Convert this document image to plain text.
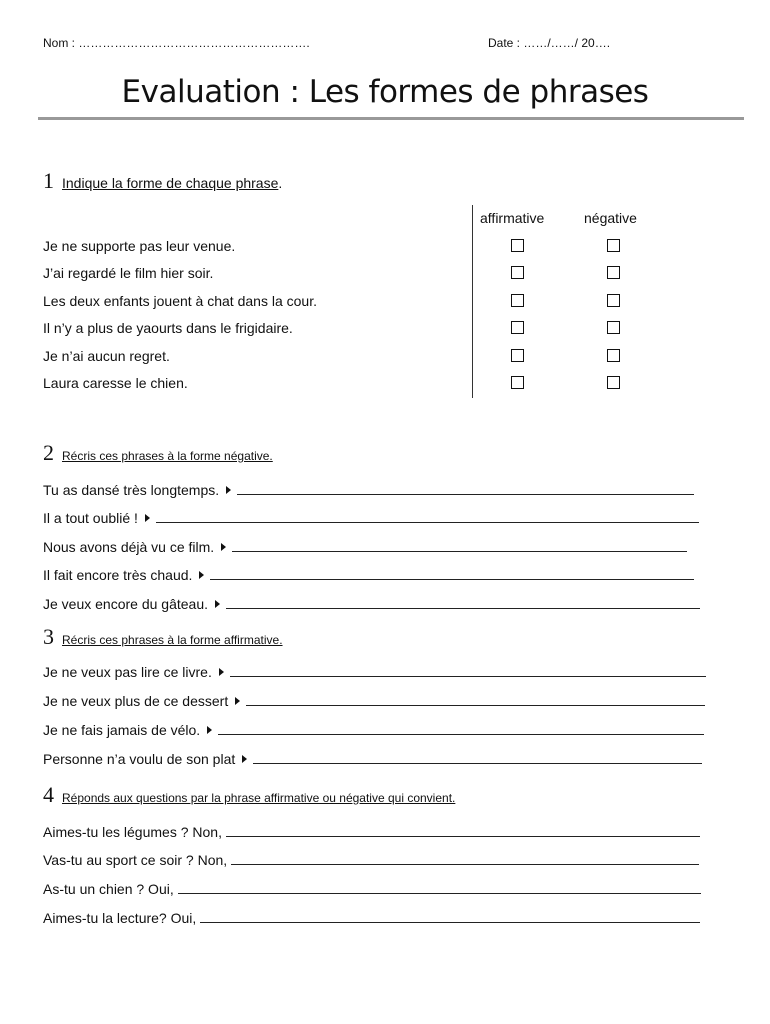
Nom : ………………………………………………….	Date : ……/……/ 20….
Evaluation : Les formes de phrases
1 Indique la forme de chaque phrase .
affirmative	négative
Je ne supporte pas leur venue.
J’ai regardé le film hier soir.
Les deux enfants jouent à chat dans la cour.
Il n’y a plus de yaourts dans le frigidaire.
Je n’ai aucun regret.
Laura caresse le chien.
2 Récris ces phrases à la forme négative.
Tu as dansé très longtemps.
Il a tout oublié !
Nous avons déjà vu ce film.
Il fait encore très chaud.
Je veux encore du gâteau.
3 Récris ces phrases à la forme affirmative.
Je ne veux pas lire ce livre.
Je ne veux plus de ce dessert
Je ne fais jamais de vélo.
Personne n’a voulu de son plat
4 Réponds aux questions par la phrase affirmative ou négative qui convient.
Aimes-tu les légumes ? Non,
Vas-tu au sport ce soir ? Non,
As-tu un chien ? Oui,
Aimes-tu la lecture? Oui,
